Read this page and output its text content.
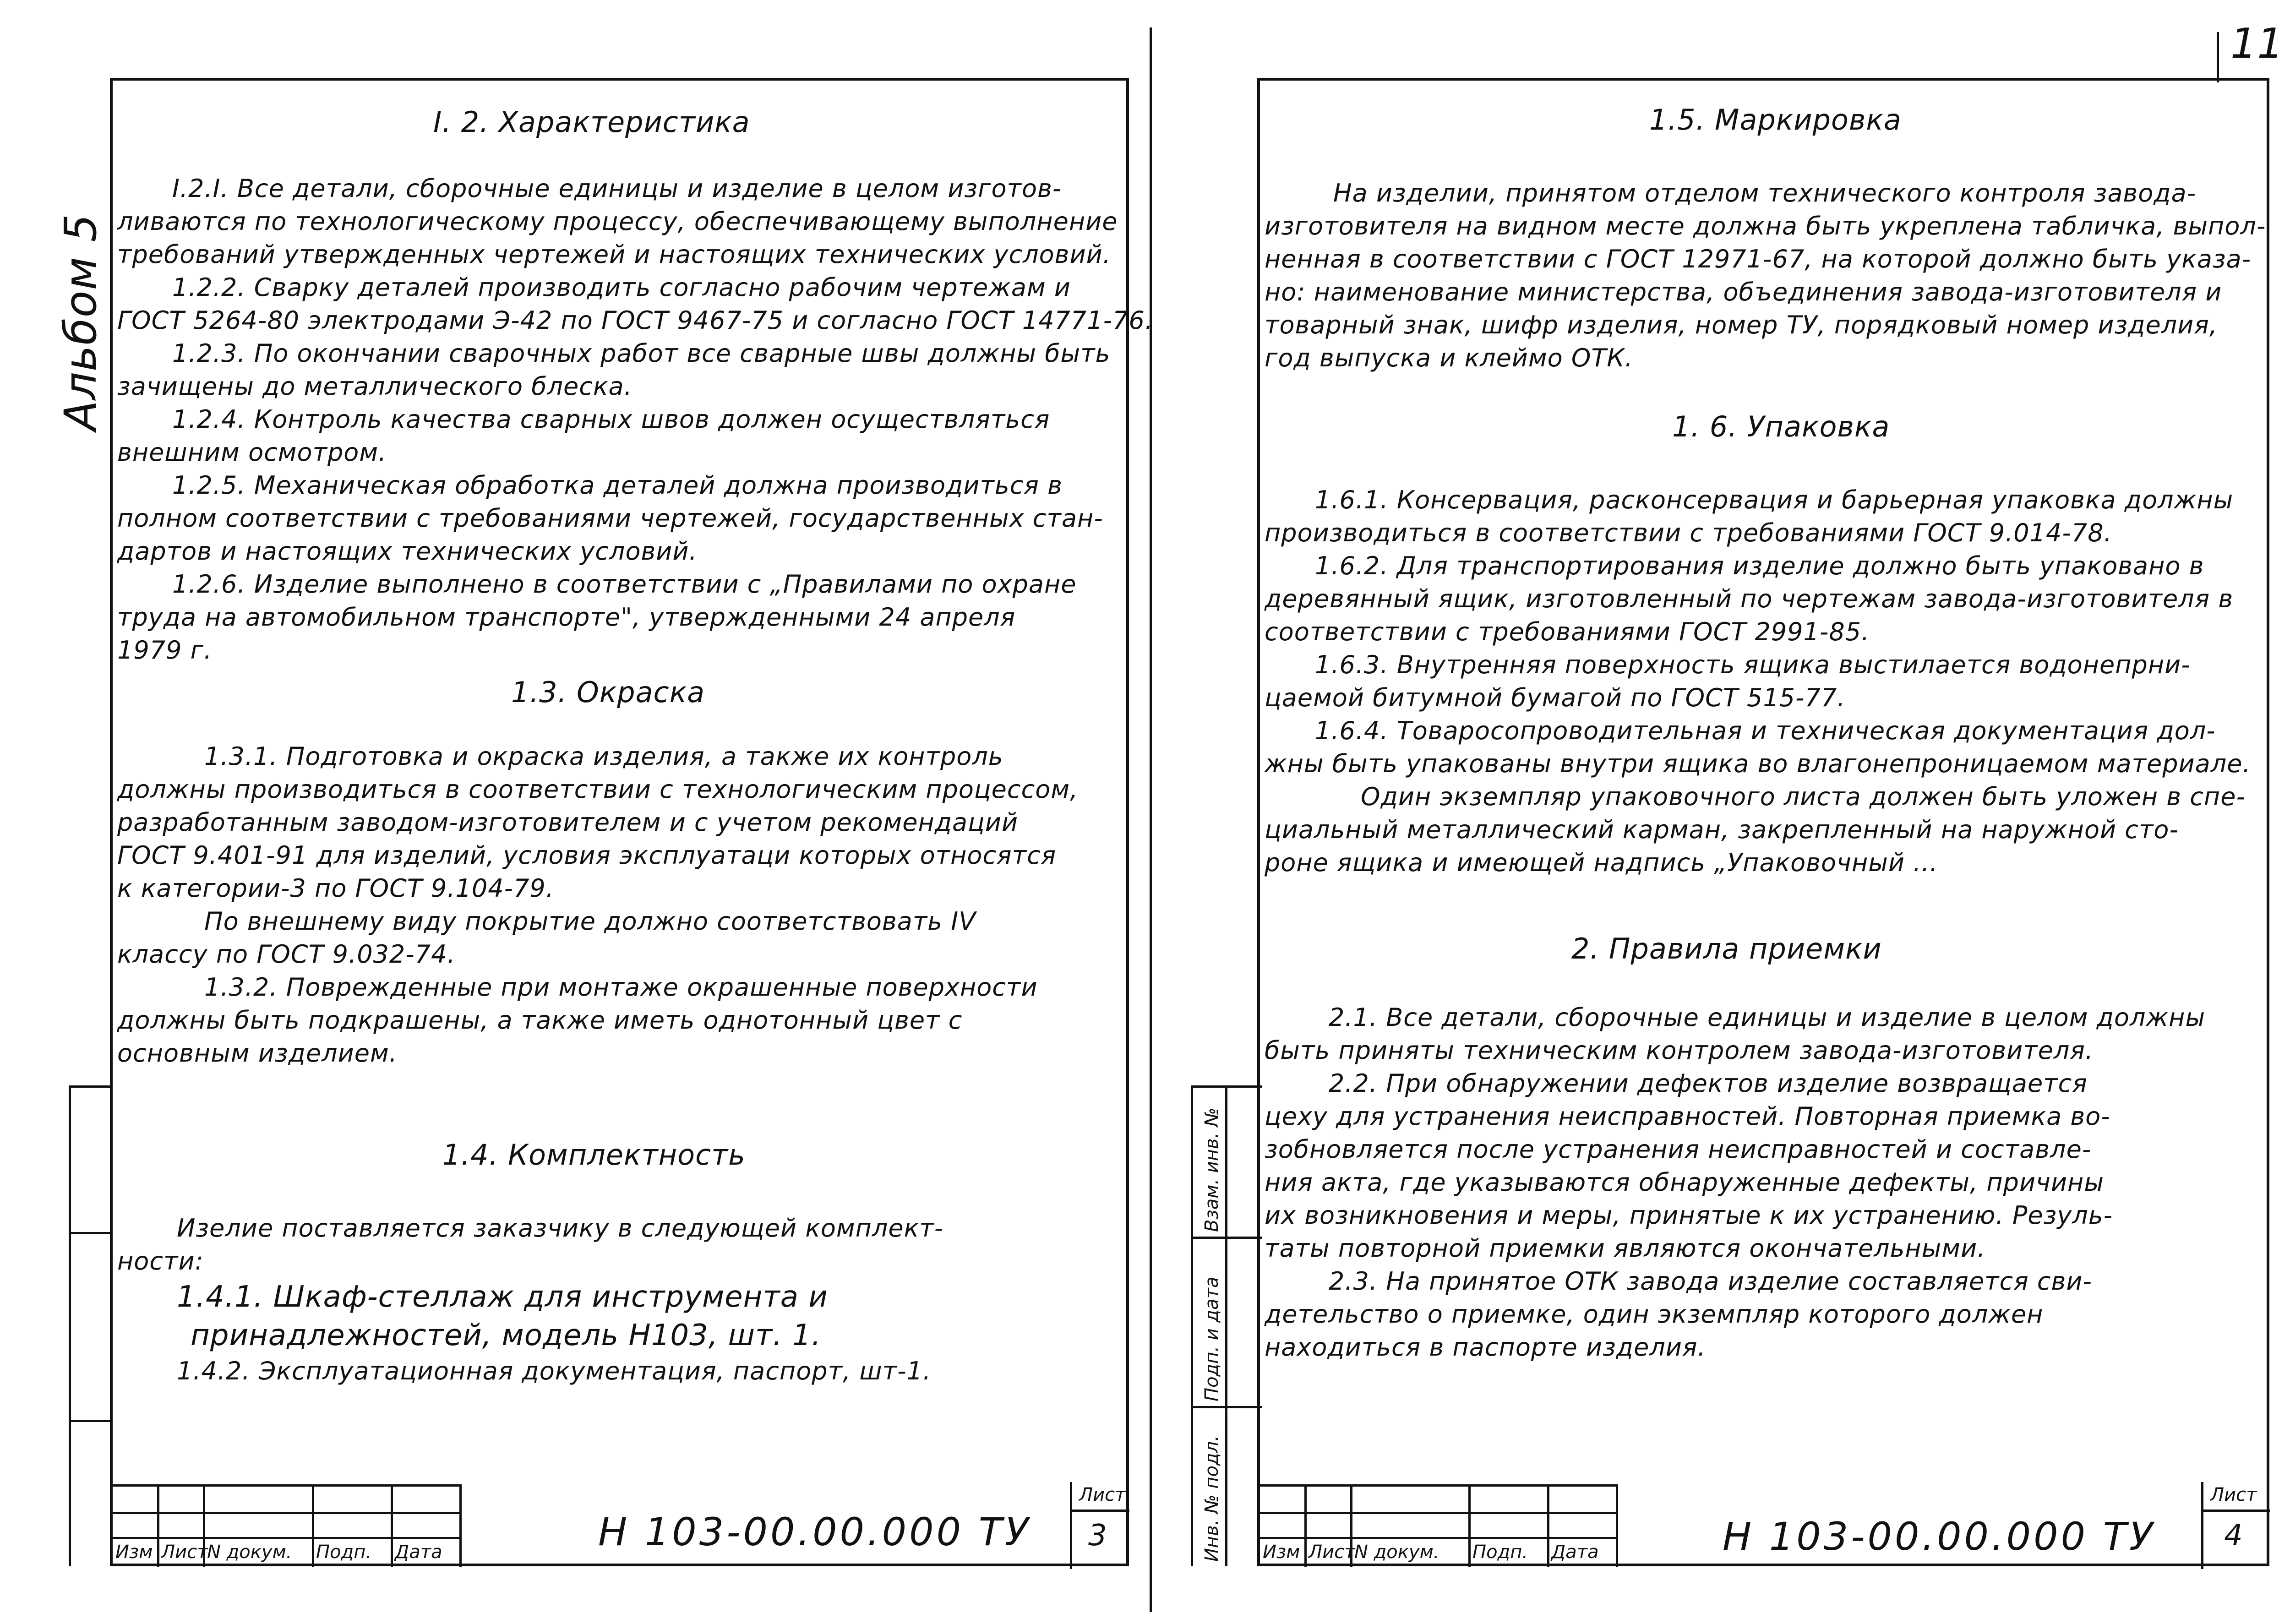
11
Альбом 5
I. 2. Характеристика
I.2.I. Все детали, сборочные единицы и изделие в целом изготов-
ливаются по технологическому процессу, обеспечивающему выполнение
требований утвержденных чертежей и настоящих технических условий.
1.2.2. Сварку деталей производить согласно рабочим чертежам и
ГОСТ 5264-80 электродами Э-42 по ГОСТ 9467-75 и согласно ГОСТ 14771-76.
1.2.3. По окончании сварочных работ все сварные швы должны быть
зачищены до металлического блеска.
1.2.4. Контроль качества сварных швов должен осуществляться
внешним осмотром.
1.2.5. Механическая обработка деталей должна производиться в
полном соответствии с требованиями чертежей, государственных стан-
дартов и настоящих технических условий.
1.2.6. Изделие выполнено в соответствии с „Правилами по охране
труда на автомобильном транспорте", утвержденными 24 апреля
1979 г.
1.3. Окраска
1.3.1. Подготовка и окраска изделия, а также их контроль
должны производиться в соответствии с технологическим процессом,
разработанным заводом-изготовителем и с учетом рекомендаций
ГОСТ 9.401-91 для изделий, условия эксплуатаци которых относятся
к категории-3 по ГОСТ 9.104-79.
По внешнему виду покрытие должно соответствовать IV
классу по ГОСТ 9.032-74.
1.3.2. Поврежденные при монтаже окрашенные поверхности
должны быть подкрашены, а также иметь однотонный цвет с
основным изделием.
1.4. Комплектность
Изелие поставляется заказчику в следующей комплект-
ности:
1.4.1. Шкаф-стеллаж для инструмента и
принадлежностей, модель Н103, шт. 1.
1.4.2. Эксплуатационная документация, паспорт, шт-1.
Изм Лист
N докум. Подп. Дата	Н 103-00.00.000 ТУ
Лист
3
1.5. Маркировка
На изделии, принятом отделом технического контроля завода-
изготовителя на видном месте должна быть укреплена табличка, выпол-
ненная в соответствии с ГОСТ 12971-67, на которой должно быть указа-
но: наименование министерства, объединения завода-изготовителя и
товарный знак, шифр изделия, номер ТУ, порядковый номер изделия,
год выпуска и клеймо ОТК.
1. 6. Упаковка
1.6.1. Консервация, расконсервация и барьерная упаковка должны
производиться в соответствии с требованиями ГОСТ 9.014-78.
1.6.2. Для транспортирования изделие должно быть упаковано в
деревянный ящик, изготовленный по чертежам завода-изготовителя в
соответствии с требованиями ГОСТ 2991-85.
1.6.3. Внутренняя поверхность ящика выстилается водонепрни-
цаемой битумной бумагой по ГОСТ 515-77.
1.6.4. Товаросопроводительная и техническая документация дол-
жны быть упакованы внутри ящика во влагонепроницаемом материале.
Один экземпляр упаковочного листа должен быть уложен в спе-
циальный металлический карман, закрепленный на наружной сто-
роне ящика и имеющей надпись „Упаковочный ...
2. Правила приемки
2.1. Все детали, сборочные единицы и изделие в целом должны
быть приняты техническим контролем завода-изготовителя.
2.2. При обнаружении дефектов изделие возвращается
цеху для устранения неисправностей. Повторная приемка во-
зобновляется после устранения неисправностей и составле-
ния акта, где указываются обнаруженные дефекты, причины
их возникновения и меры, принятые к их устранению. Резуль-
таты повторной приемки являются окончательными.
2.3. На принятое ОТК завода изделие составляется сви-
детельство о приемке, один экземпляр которого должен
находиться в паспорте изделия.
Изм Лист
N докум. Подп. Дата	Н 103-00.00.000 ТУ
Лист
4
Взам. инв. №
Подп. и дата
Инв. № подл.
